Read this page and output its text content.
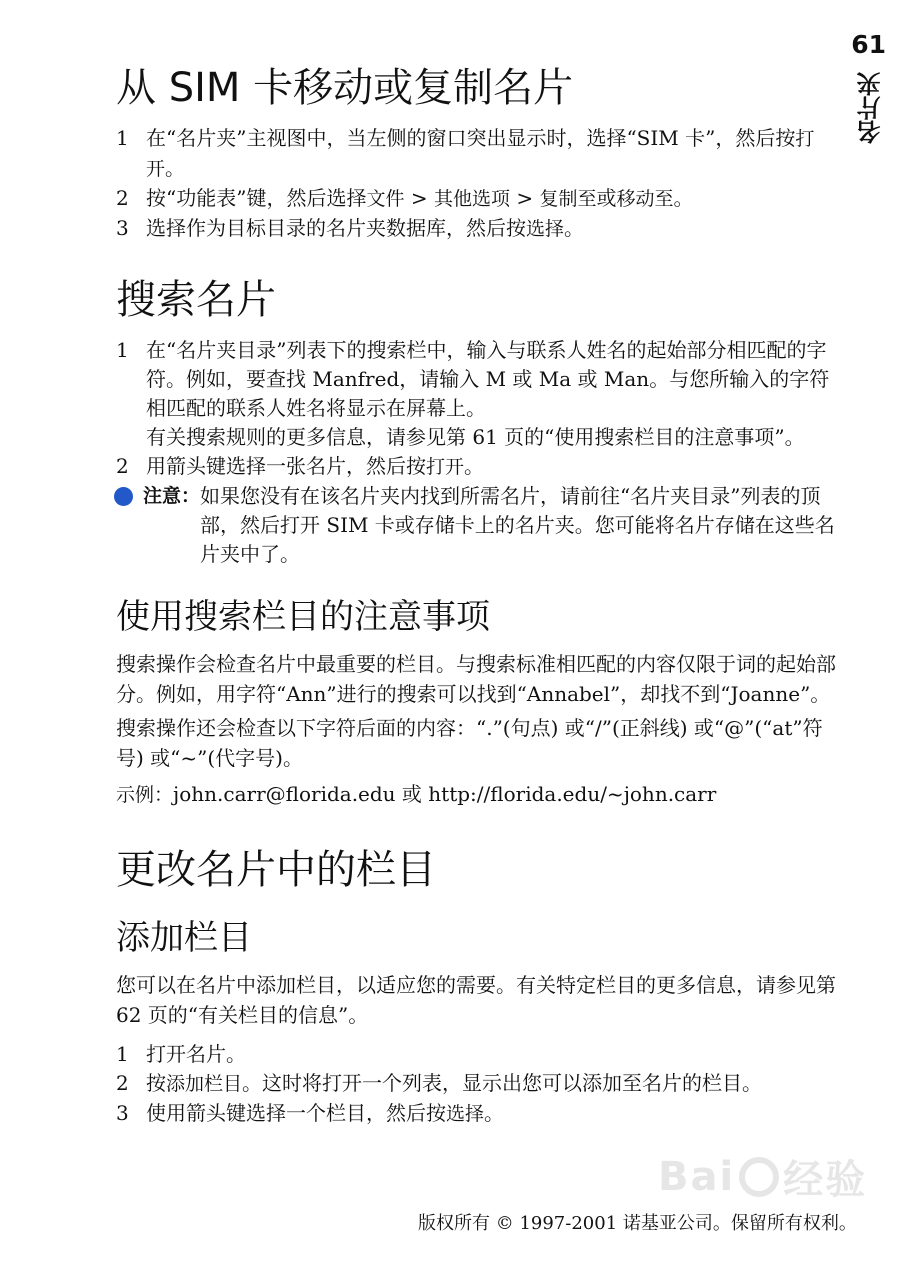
61
名片夹
从 SIM 卡移动或复制名片
1 在“名片夹”主视图中，当左侧的窗口突出显示时，选择“SIM 卡”，然后按打开。
2 按“功能表”键，然后选择文件 > 其他选项 > 复制至或移动至。
3 选择作为目标目录的名片夹数据库，然后按选择。
搜索名片
1 在“名片夹目录”列表下的搜索栏中，输入与联系人姓名的起始部分相匹配的字符。例如，要查找 Manfred，请输入 M 或 Ma 或 Man。与您所输入的字符相匹配的联系人姓名将显示在屏幕上。
有关搜索规则的更多信息，请参见第 61 页的“使用搜索栏目的注意事项”。
2 用箭头键选择一张名片，然后按打开。
注意： 如果您没有在该名片夹内找到所需名片，请前往“名片夹目录”列表的顶部，然后打开 SIM 卡或存储卡上的名片夹。您可能将名片存储在这些名片夹中了。
使用搜索栏目的注意事项

搜索操作会检查名片中最重要的栏目。与搜索标准相匹配的内容仅限于词的起始部分。例如，用字符“Ann”进行的搜索可以找到“Annabel”，却找不到“Joanne”。

搜索操作还会检查以下字符后面的内容：“.”(句点) 或“/”(正斜线) 或“@”(“at”符号) 或“~”(代字号)。

示例：john.carr@florida.edu 或 http://florida.edu/~john.carr

更改名片中的栏目
添加栏目

您可以在名片中添加栏目，以适应您的需要。有关特定栏目的更多信息，请参见第 62 页的“有关栏目的信息”。

1 打开名片。
2 按添加栏目。这时将打开一个列表，显示出您可以添加至名片的栏目。
3 使用箭头键选择一个栏目，然后按选择。
Bai 经验
版权所有 © 1997-2001 诺基亚公司。保留所有权利。
